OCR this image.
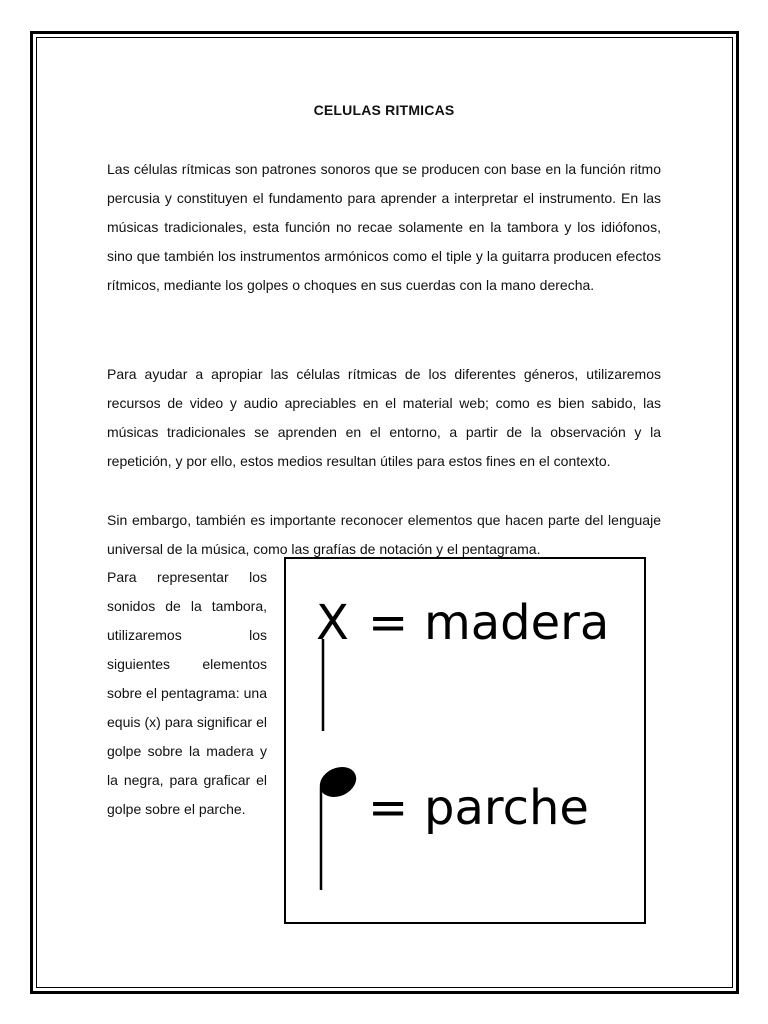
CELULAS RITMICAS

Las células rítmicas son patrones sonoros que se producen con base en la función ritmo percusia y constituyen el fundamento para aprender a interpretar el instrumento. En las músicas tradicionales, esta función no recae solamente en la tambora y los idiófonos, sino que también los instrumentos armónicos como el tiple y la guitarra producen efectos rítmicos, mediante los golpes o choques en sus cuerdas con la mano derecha.

Para ayudar a apropiar las células rítmicas de los diferentes géneros, utilizaremos recursos de video y audio apreciables en el material web; como es bien sabido, las músicas tradicionales se aprenden en el entorno, a partir de la observación y la repetición, y por ello, estos medios resultan útiles para estos fines en el contexto.

Sin embargo, también es importante reconocer elementos que hacen parte del lenguaje universal de la música, como las grafías de notación y el pentagrama.

Para representar los sonidos de la tambora, utilizaremos los siguientes elementos sobre el pentagrama: una equis (x) para significar el golpe sobre la madera y la negra, para graficar el golpe sobre el parche.

X = madera
= parche
